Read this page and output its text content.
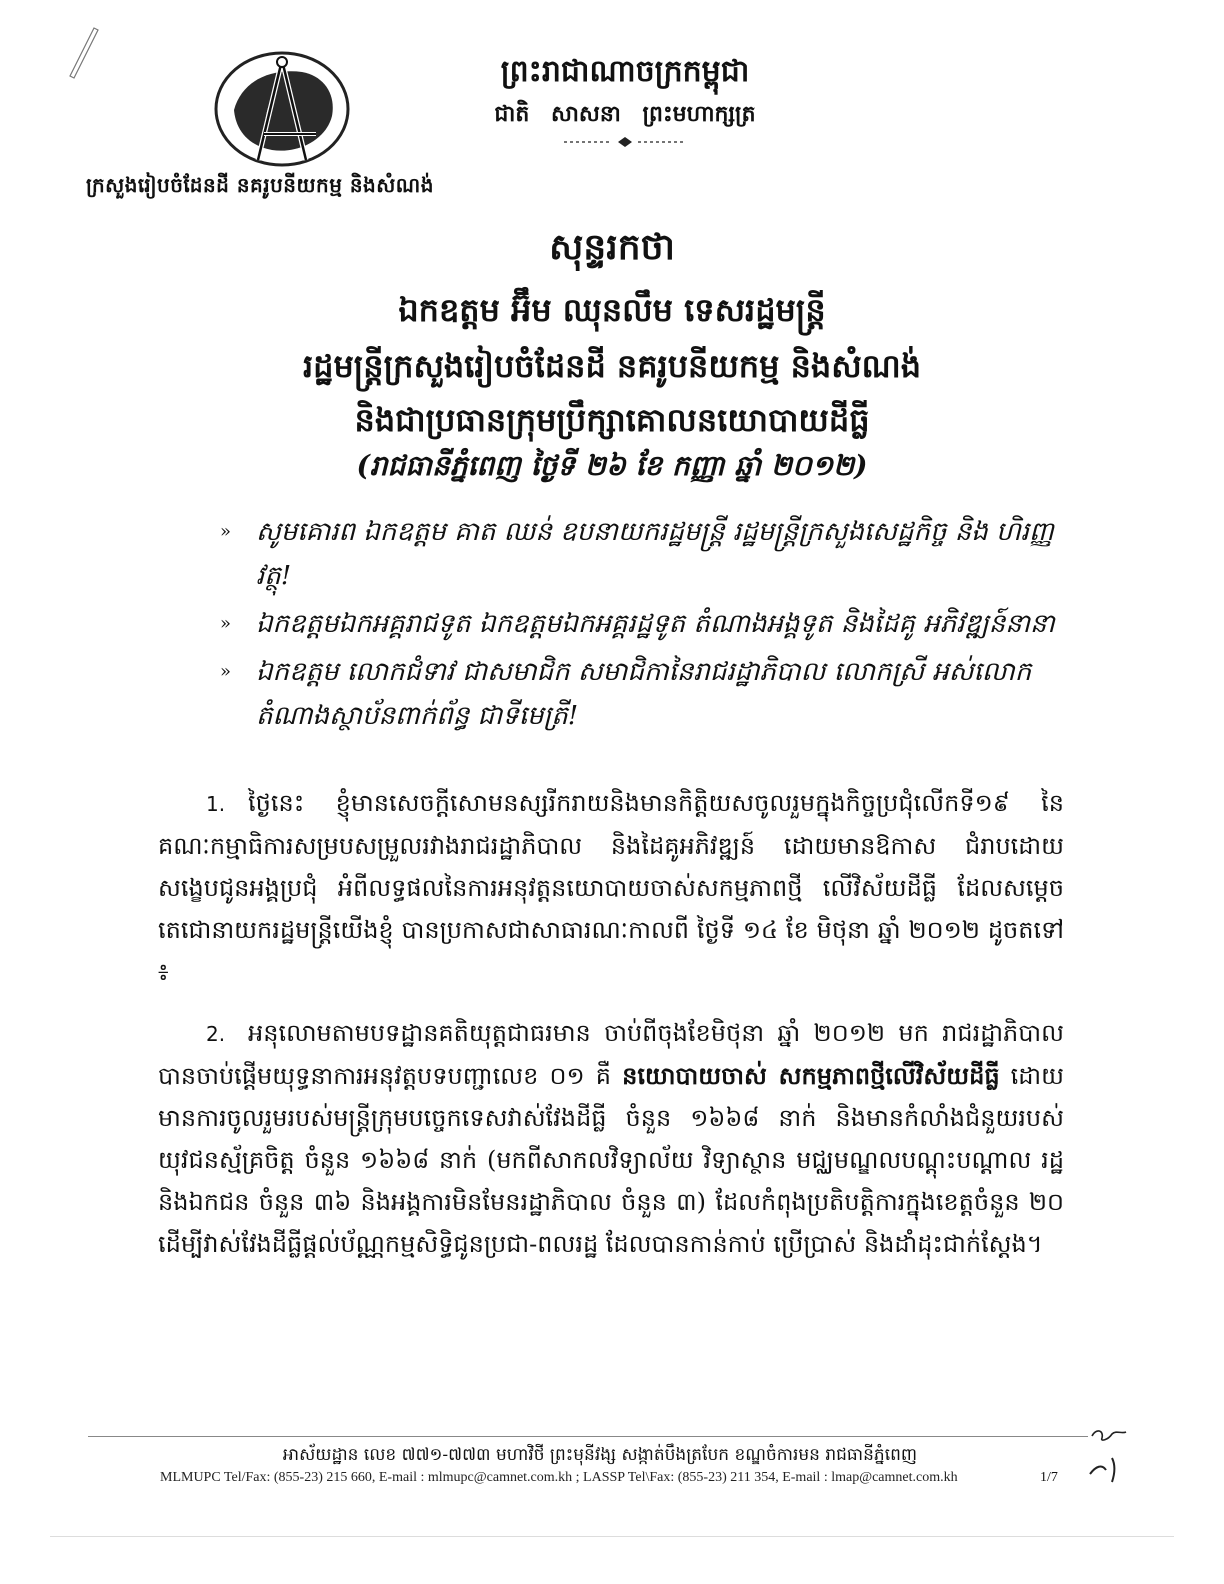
ក្រសួងរៀបចំដែនដី នគរូបនីយកម្ម និងសំណង់
ព្រះរាជាណាចក្រកម្ពុជា
ជាតិ សាសនា ព្រះមហាក្សត្រ
សុន្ទរកថា
ឯកឧត្តម អ៊ឹម ឈុនលឹម ទេសរដ្ឋមន្ត្រី
រដ្ឋមន្ត្រីក្រសួងរៀបចំដែនដី នគរូបនីយកម្ម និងសំណង់
និងជាប្រធានក្រុមប្រឹក្សាគោលនយោបាយដីធ្លី
(រាជធានីភ្នំពេញ ថ្ងៃទី ២៦ ខែ កញ្ញា ឆ្នាំ ២០១២)
» សូមគោរព ឯកឧត្តម គាត ឈន់ ឧបនាយករដ្ឋមន្ត្រី រដ្ឋមន្ត្រីក្រសួងសេដ្ឋកិច្ច និង ហិរញ្ញវត្ថុ!
» ឯកឧត្តមឯកអគ្គរាជទូត ឯកឧត្តមឯកអគ្គរដ្ឋទូត តំណាងអង្គទូត និងដៃគូ អភិវឌ្ឍន៍នានា
» ឯកឧត្តម លោកជំទាវ ជាសមាជិក សមាជិកានៃរាជរដ្ឋាភិបាល លោកស្រី អស់លោក តំណាងស្ថាប័នពាក់ព័ន្ធ ជាទីមេត្រី!

1. ថ្ងៃនេះ ខ្ញុំមានសេចក្តីសោមនស្សរីករាយនិងមានកិត្តិយសចូលរួមក្នុងកិច្ចប្រជុំលើកទី១៩ នៃគណៈកម្មាធិការសម្របសម្រួលរវាងរាជរដ្ឋាភិបាល និងដៃគូអភិវឌ្ឍន៍ ដោយមានឱកាស ជំរាបដោយសង្ខេបជូនអង្គប្រជុំ អំពីលទ្ធផលនៃការអនុវត្តនយោបាយចាស់សកម្មភាពថ្មី លើវិស័យដីធ្លី ដែលសម្តេចតេជោនាយករដ្ឋមន្ត្រីយើងខ្ញុំ បានប្រកាសជាសាធារណៈកាលពី ថ្ងៃទី ១៤ ខែ មិថុនា ឆ្នាំ ២០១២ ដូចតទៅ ៖

2. អនុលោមតាមបទដ្ឋានគតិយុត្តជាធរមាន ចាប់ពីចុងខែមិថុនា ឆ្នាំ ២០១២ មក រាជរដ្ឋាភិបាល បានចាប់ផ្តើមយុទ្ធនាការអនុវត្តបទបញ្ជាលេខ ០១ គឺ នយោបាយចាស់ សកម្មភាពថ្មីលើវិស័យដីធ្លី ដោយមានការចូលរួមរបស់មន្ត្រីក្រុមបច្ចេកទេសវាស់វែងដីធ្លី ចំនួន ១៦៦៨ នាក់ និងមានកំលាំងជំនួយរបស់យុវជនស្ម័គ្រចិត្ត ចំនួន ១៦៦៨ នាក់ (មកពីសាកលវិទ្យាល័យ វិទ្យាស្ថាន មជ្ឈមណ្ឌលបណ្តុះបណ្តាល រដ្ឋនិងឯកជន ចំនួន ៣៦ និងអង្គការមិនមែនរដ្ឋាភិបាល ចំនួន ៣) ដែលកំពុងប្រតិបត្តិការក្នុងខេត្តចំនួន ២០ ដើម្បីវាស់វែងដីធ្លីផ្តល់ប័ណ្ណកម្មសិទ្ធិជូនប្រជា-ពលរដ្ឋ ដែលបានកាន់កាប់ ប្រើប្រាស់ និងដាំដុះជាក់ស្តែង។

អាស័យដ្ឋាន លេខ ៧៧១-៧៧៣ មហាវិថី ព្រះមុនីវង្ស សង្កាត់បឹងត្របែក ខណ្ឌចំការមន រាជធានីភ្នំពេញ
MLMUPC Tel/Fax: (855-23) 215 660, E-mail : mlmupc@camnet.com.kh ; LASSP Tel\Fax: (855-23) 211 354, E-mail : lmap@camnet.com.kh	1/7
